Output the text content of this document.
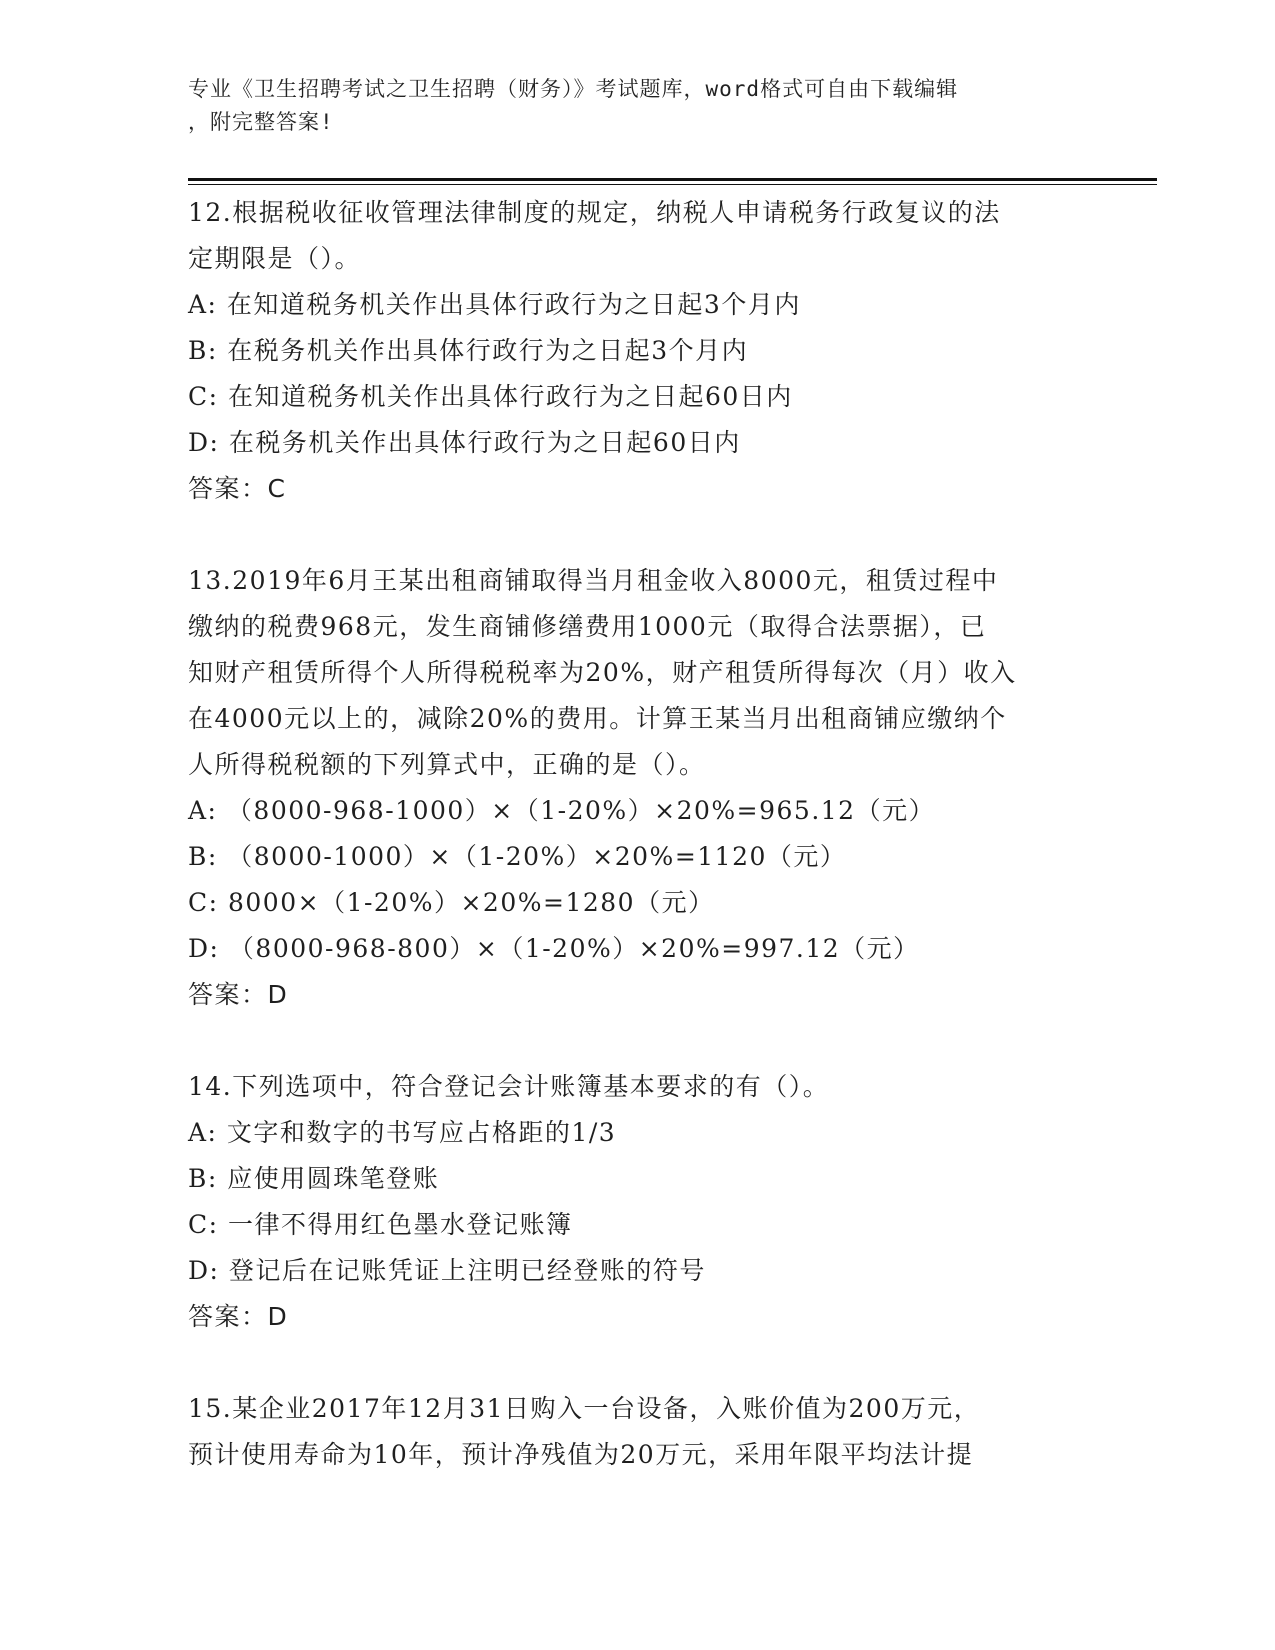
专业《卫生招聘考试之卫生招聘（财务）》考试题库，word格式可自由下载编辑
，附完整答案!
12.根据税收征收管理法律制度的规定，纳税人申请税务行政复议的法
定期限是（）。
A: 在知道税务机关作出具体行政行为之日起3个月内
B: 在税务机关作出具体行政行为之日起3个月内
C: 在知道税务机关作出具体行政行为之日起60日内
D: 在税务机关作出具体行政行为之日起60日内
答案：C
13.2019年6月王某出租商铺取得当月租金收入8000元，租赁过程中
缴纳的税费968元，发生商铺修缮费用1000元（取得合法票据），已
知财产租赁所得个人所得税税率为20%，财产租赁所得每次（月）收入
在4000元以上的，减除20%的费用。计算王某当月出租商铺应缴纳个
人所得税税额的下列算式中，正确的是（）。
A: （8000-968-1000）×（1-20%）×20%=965.12（元）
B: （8000-1000）×（1-20%）×20%=1120（元）
C: 8000×（1-20%）×20%=1280（元）
D: （8000-968-800）×（1-20%）×20%=997.12（元）
答案：D
14.下列选项中，符合登记会计账簿基本要求的有（）。
A: 文字和数字的书写应占格距的1/3
B: 应使用圆珠笔登账
C: 一律不得用红色墨水登记账簿
D: 登记后在记账凭证上注明已经登账的符号
答案：D
15.某企业2017年12月31日购入一台设备，入账价值为200万元，
预计使用寿命为10年，预计净残值为20万元，采用年限平均法计提
